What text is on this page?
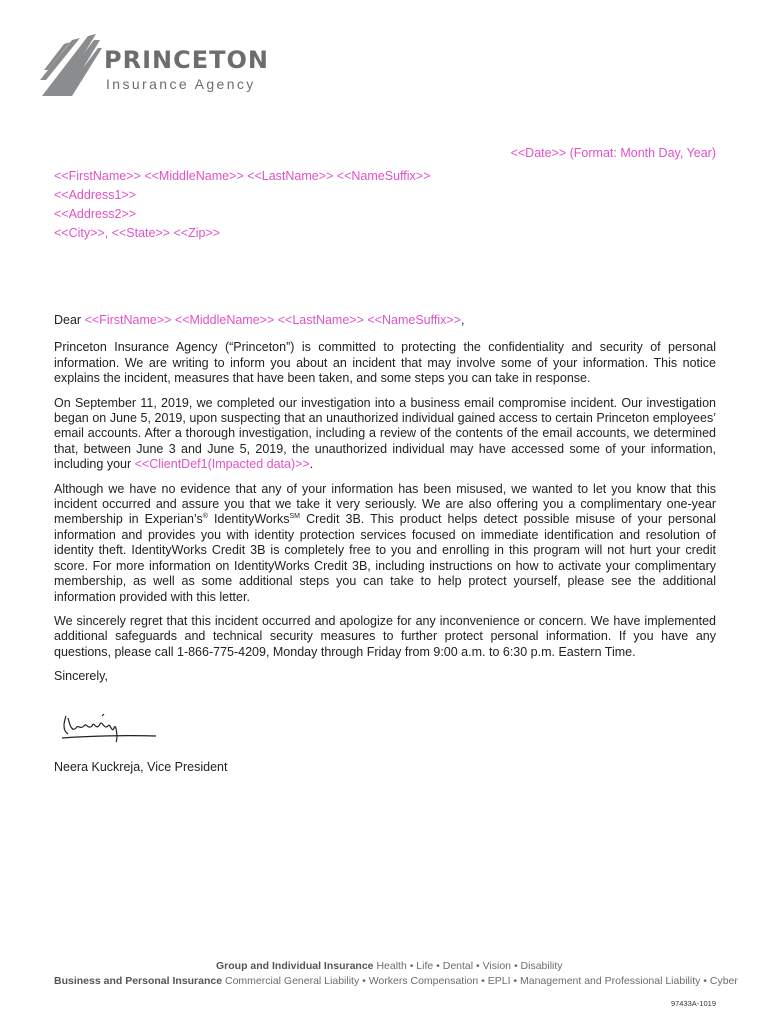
PRINCETON
Insurance Agency
<<Date>> (Format: Month Day, Year)
<<FirstName>> <<MiddleName>> <<LastName>> <<NameSuffix>>
<<Address1>>
<<Address2>>
<<City>>, <<State>> <<Zip>>

Dear <<FirstName>> <<MiddleName>> <<LastName>> <<NameSuffix>>,

Princeton Insurance Agency (“Princeton”) is committed to protecting the confidentiality and security of personal information. We are writing to inform you about an incident that may involve some of your information. This notice explains the incident, measures that have been taken, and some steps you can take in response.

On September 11, 2019, we completed our investigation into a business email compromise incident. Our investigation began on June 5, 2019, upon suspecting that an unauthorized individual gained access to certain Princeton employees’ email accounts. After a thorough investigation, including a review of the contents of the email accounts, we determined that, between June 3 and June 5, 2019, the unauthorized individual may have accessed some of your information, including your <<ClientDef1(Impacted data)>>.

Although we have no evidence that any of your information has been misused, we wanted to let you know that this incident occurred and assure you that we take it very seriously. We are also offering you a complimentary one-year membership in Experian’s® IdentityWorks℠ Credit 3B. This product helps detect possible misuse of your personal information and provides you with identity protection services focused on immediate identification and resolution of identity theft. IdentityWorks Credit 3B is completely free to you and enrolling in this program will not hurt your credit score. For more information on IdentityWorks Credit 3B, including instructions on how to activate your complimentary membership, as well as some additional steps you can take to help protect yourself, please see the additional information provided with this letter.

We sincerely regret that this incident occurred and apologize for any inconvenience or concern. We have implemented additional safeguards and technical security measures to further protect personal information. If you have any questions, please call 1-866-775-4209, Monday through Friday from 9:00 a.m. to 6:30 p.m. Eastern Time.

Sincerely,

Neera Kuckreja, Vice President
Group and Individual Insurance Health • Life • Dental • Vision • Disability
Business and Personal Insurance Commercial General Liability • Workers Compensation • EPLI • Management and Professional Liability • Cyber
97433A-1019
